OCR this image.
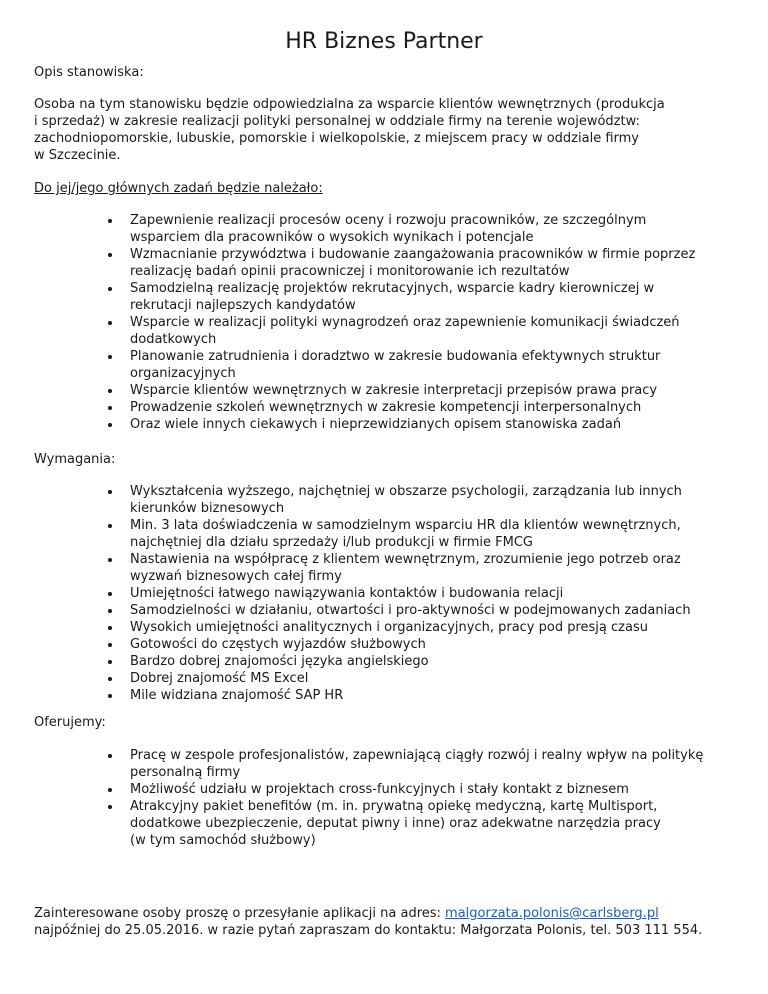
HR Biznes Partner
Opis stanowiska:
Osoba na tym stanowisku będzie odpowiedzialna za wsparcie klientów wewnętrznych (produkcja
i sprzedaż) w zakresie realizacji polityki personalnej w oddziale firmy na terenie województw:
zachodniopomorskie, lubuskie, pomorskie i wielkopolskie, z miejscem pracy w oddziale firmy
w Szczecinie.
Do jej/jego głównych zadań będzie należało:
Zapewnienie realizacji procesów oceny i rozwoju pracowników, ze szczególnym
wsparciem dla pracowników o wysokich wynikach i potencjale
Wzmacnianie przywództwa i budowanie zaangażowania pracowników w firmie poprzez
realizację badań opinii pracowniczej i monitorowanie ich rezultatów
Samodzielną realizację projektów rekrutacyjnych, wsparcie kadry kierowniczej w
rekrutacji najlepszych kandydatów
Wsparcie w realizacji polityki wynagrodzeń oraz zapewnienie komunikacji świadczeń
dodatkowych
Planowanie zatrudnienia i doradztwo w zakresie budowania efektywnych struktur
organizacyjnych
Wsparcie klientów wewnętrznych w zakresie interpretacji przepisów prawa pracy
Prowadzenie szkoleń wewnętrznych w zakresie kompetencji interpersonalnych
Oraz wiele innych ciekawych i nieprzewidzianych opisem stanowiska zadań
Wymagania:
Wykształcenia wyższego, najchętniej w obszarze psychologii, zarządzania lub innych
kierunków biznesowych
Min. 3 lata doświadczenia w samodzielnym wsparciu HR dla klientów wewnętrznych,
najchętniej dla działu sprzedaży i/lub produkcji w firmie FMCG
Nastawienia na współpracę z klientem wewnętrznym, zrozumienie jego potrzeb oraz
wyzwań biznesowych całej firmy
Umiejętności łatwego nawiązywania kontaktów i budowania relacji
Samodzielności w działaniu, otwartości i pro-aktywności w podejmowanych zadaniach
Wysokich umiejętności analitycznych i organizacyjnych, pracy pod presją czasu
Gotowości do częstych wyjazdów służbowych
Bardzo dobrej znajomości języka angielskiego
Dobrej znajomość MS Excel
Mile widziana znajomość SAP HR
Oferujemy:
Pracę w zespole profesjonalistów, zapewniającą ciągły rozwój i realny wpływ na politykę
personalną firmy
Możliwość udziału w projektach cross-funkcyjnych i stały kontakt z biznesem
Atrakcyjny pakiet benefitów (m. in. prywatną opiekę medyczną, kartę Multisport,
dodatkowe ubezpieczenie, deputat piwny i inne) oraz adekwatne narzędzia pracy
(w tym samochód służbowy)
Zainteresowane osoby proszę o przesyłanie aplikacji na adres: malgorzata.polonis@carlsberg.pl
najpóźniej do 25.05.2016. w razie pytań zapraszam do kontaktu: Małgorzata Polonis, tel. 503 111 554.
